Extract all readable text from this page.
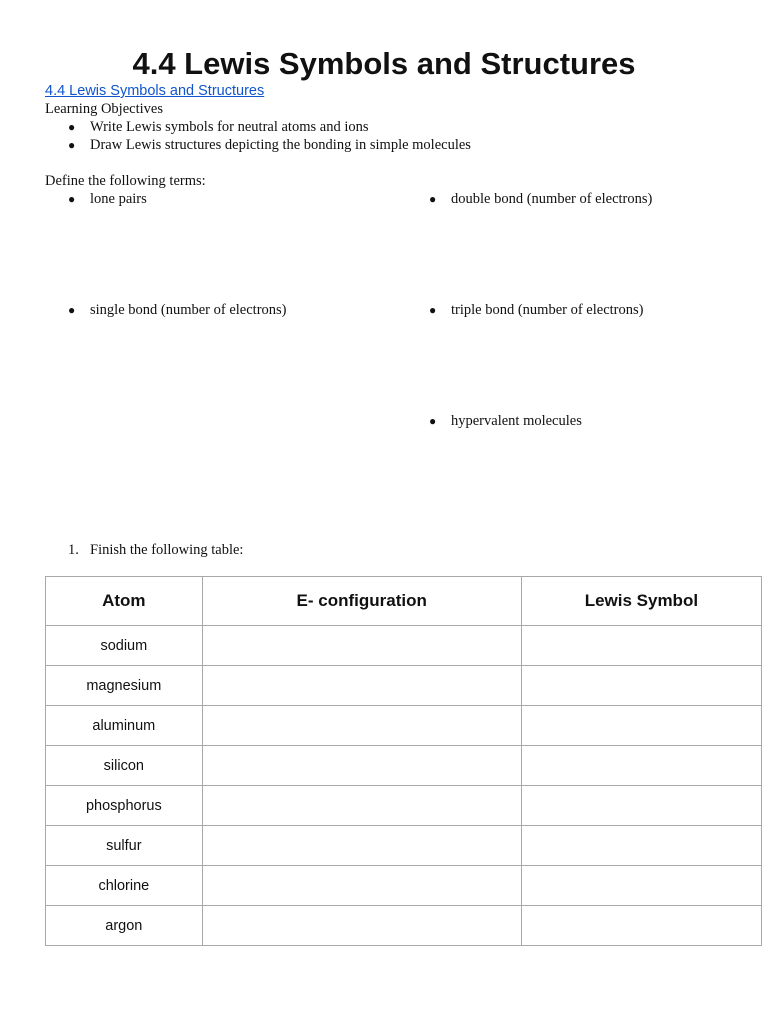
4.4 Lewis Symbols and Structures
4.4 Lewis Symbols and Structures
Learning Objectives
●	Write Lewis symbols for neutral atoms and ions
●	Draw Lewis structures depicting the bonding in simple molecules
Define the following terms:
●	lone pairs	●	double bond (number of electrons)
●	single bond (number of electrons)	●	triple bond (number of electrons)
●	hypervalent molecules
1. Finish the following table:
Atom	E- configuration	Lewis Symbol
sodium		
magnesium		
aluminum		
silicon		
phosphorus		
sulfur		
chlorine		
argon		
